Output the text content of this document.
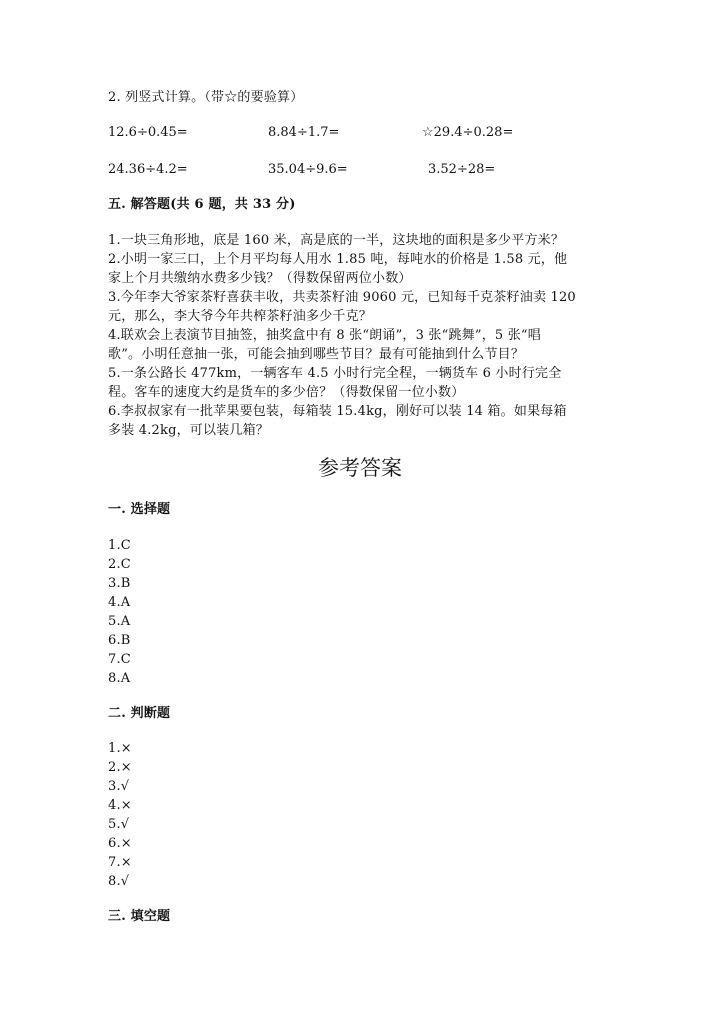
2. 列竖式计算。（带☆的要验算）
12.6÷0.45=	8.84÷1.7=	☆29.4÷0.28=
24.36÷4.2=	35.04÷9.6=	3.52÷28=
五. 解答题(共 6 题，共 33 分)
1.一块三角形地，底是 160 米，高是底的一半，这块地的面积是多少平方米？
2.小明一家三口，上个月平均每人用水 1.85 吨，每吨水的价格是 1.58 元，他
家上个月共缴纳水费多少钱？（得数保留两位小数）
3.今年李大爷家茶籽喜获丰收，共卖茶籽油 9060 元，已知每千克茶籽油卖 120
元，那么，李大爷今年共榨茶籽油多少千克？
4.联欢会上表演节目抽签，抽奖盒中有 8 张“朗诵”，3 张“跳舞”，5 张“唱
歌”。小明任意抽一张，可能会抽到哪些节目？最有可能抽到什么节目？
5.一条公路长 477km，一辆客车 4.5 小时行完全程，一辆货车 6 小时行完全
程。客车的速度大约是货车的多少倍？（得数保留一位小数）
6.李叔叔家有一批苹果要包装，每箱装 15.4kg，刚好可以装 14 箱。如果每箱
多装 4.2kg，可以装几箱？
参考答案
一. 选择题
1.C
2.C
3.B
4.A
5.A
6.B
7.C
8.A
二. 判断题
1.×
2.×
3.√
4.×
5.√
6.×
7.×
8.√
三. 填空题
